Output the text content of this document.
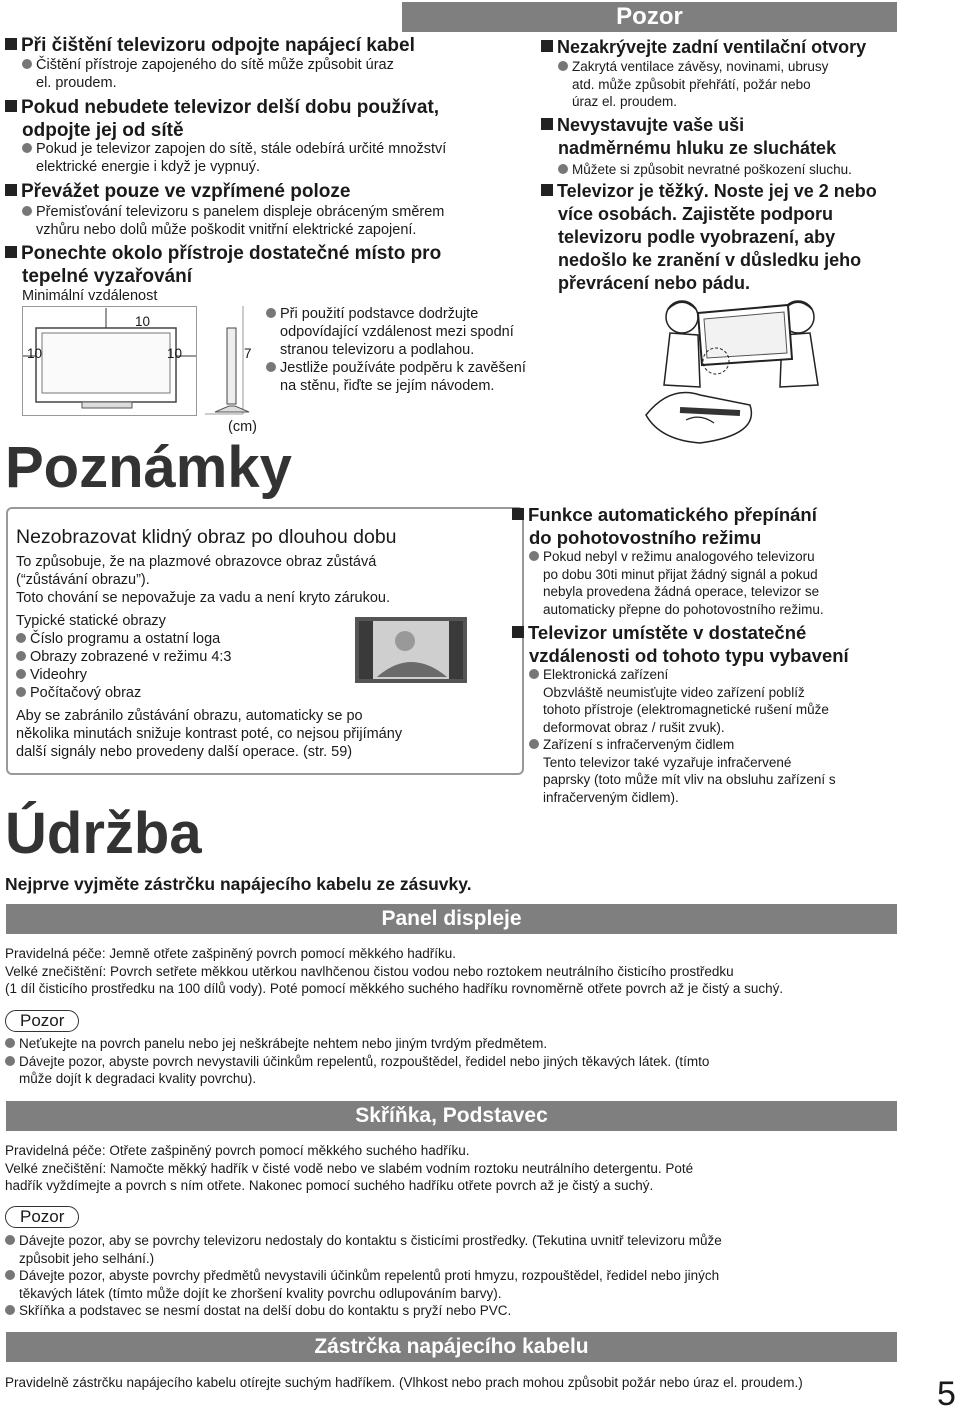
Pozor
Při čištění televizoru odpojte napájecí kabel
Čištění přístroje zapojeného do sítě může způsobit úraz
el. proudem.
Pokud nebudete televizor delší dobu používat,
odpojte jej od sítě
Pokud je televizor zapojen do sítě, stále odebírá určité množství
elektrické energie i když je vypnuý.
Převážet pouze ve vzpřímené poloze
Přemisťování televizoru s panelem displeje obráceným směrem
vzhůru nebo dolů může poškodit vnitřní elektrické zapojení.
Ponechte okolo přístroje dostatečné místo pro
tepelné vyzařování
Minimální vzdálenost
10
10	10	7
(cm)
Při použití podstavce dodržujte odpovídající vzdálenost mezi spodní stranou televizoru a podlahou.
Jestliže používáte podpěru k zavěšení na stěnu, řiďte se jejím návodem.
Nezakrývejte zadní ventilační otvory
Zakrytá ventilace závěsy, novinami, ubrusy
atd. může způsobit přehřátí, požár nebo
úraz el. proudem.
Nevystavujte vaše uši
nadměrnému hluku ze sluchátek
Můžete si způsobit nevratné poškození sluchu.
Televizor je těžký. Noste jej ve 2 nebo
více osobách. Zajistěte podporu
televizoru podle vyobrazení, aby
nedošlo ke zranění v důsledku jeho
převrácení nebo pádu.
Poznámky
Nezobrazovat klidný obraz po dlouhou dobu
To způsobuje, že na plazmové obrazovce obraz zůstává
(“zůstávání obrazu”).
Toto chování se nepovažuje za vadu a není kryto zárukou.
Typické statické obrazy
Číslo programu a ostatní loga
Obrazy zobrazené v režimu 4:3
Videohry
Počítačový obraz
Aby se zabránilo zůstávání obrazu, automaticky se po
několika minutách snižuje kontrast poté, co nejsou přijímány
další signály nebo provedeny další operace. (str. 59)
Funkce automatického přepínání
do pohotovostního režimu
Pokud nebyl v režimu analogového televizoru
po dobu 30ti minut přijat žádný signál a pokud
nebyla provedena žádná operace, televizor se
automaticky přepne do pohotovostního režimu.
Televizor umístěte v dostatečné
vzdálenosti od tohoto typu vybavení
Elektronická zařízení
Obzvláště neumisťujte video zařízení poblíž
tohoto přístroje (elektromagnetické rušení může
deformovat obraz / rušit zvuk).
Zařízení s infračerveným čidlem
Tento televizor také vyzařuje infračervené
paprsky (toto může mít vliv na obsluhu zařízení s
infračerveným čidlem).
Údržba
Nejprve vyjměte zástrčku napájecího kabelu ze zásuvky.
Panel displeje
Pravidelná péče: Jemně otřete zašpiněný povrch pomocí měkkého hadříku.
Velké znečištění: Povrch setřete měkkou utěrkou navlhčenou čistou vodou nebo roztokem neutrálního čisticího prostředku
(1 díl čisticího prostředku na 100 dílů vody). Poté pomocí měkkého suchého hadříku rovnoměrně otřete povrch až je čistý a suchý.
Pozor
Neťukejte na povrch panelu nebo jej neškrábejte nehtem nebo jiným tvrdým předmětem.
Dávejte pozor, abyste povrch nevystavili účinkům repelentů, rozpouštědel, ředidel nebo jiných těkavých látek. (tímto
může dojít k degradaci kvality povrchu).
Skříňka, Podstavec
Pravidelná péče: Otřete zašpiněný povrch pomocí měkkého suchého hadříku.
Velké znečištění: Namočte měkký hadřík v čisté vodě nebo ve slabém vodním roztoku neutrálního detergentu. Poté
hadřík vyždímejte a povrch s ním otřete. Nakonec pomocí suchého hadříku otřete povrch až je čistý a suchý.
Pozor
Dávejte pozor, aby se povrchy televizoru nedostaly do kontaktu s čisticími prostředky. (Tekutina uvnitř televizoru může
způsobit jeho selhání.)
Dávejte pozor, abyste povrchy předmětů nevystavili účinkům repelentů proti hmyzu, rozpouštědel, ředidel nebo jiných
těkavých látek (tímto může dojít ke zhoršení kvality povrchu odlupováním barvy).
Skříňka a podstavec se nesmí dostat na delší dobu do kontaktu s pryží nebo PVC.
Zástrčka napájecího kabelu
Pravidelně zástrčku napájecího kabelu otírejte suchým hadříkem. (Vlhkost nebo prach mohou způsobit požár nebo úraz el. proudem.)	5
